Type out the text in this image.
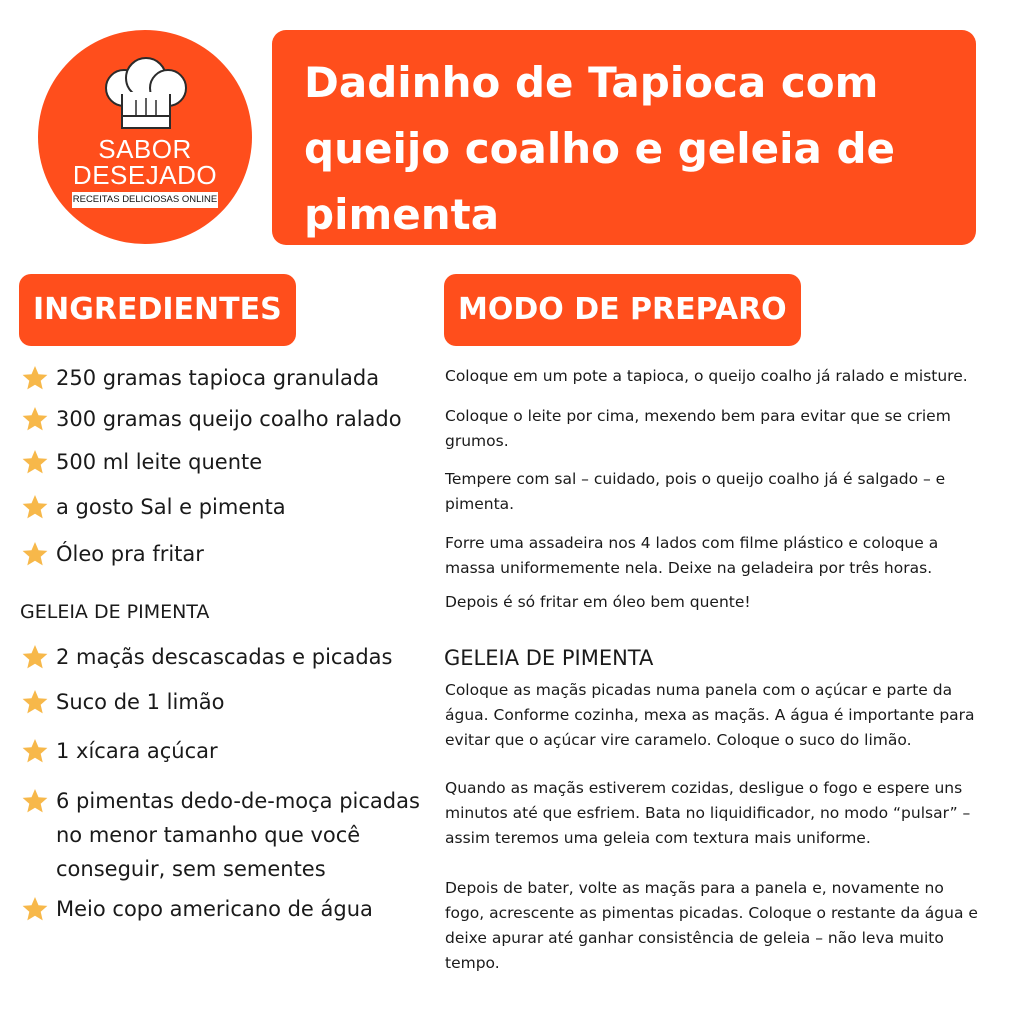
SABOR
DESEJADO
RECEITAS DELICIOSAS ONLINE
Dadinho de Tapioca com
queijo coalho e geleia de
pimenta
INGREDIENTES	MODO DE PREPARO
250 gramas tapioca granulada
300 gramas queijo coalho ralado
500 ml leite quente
a gosto Sal e pimenta
Óleo pra fritar
2 maçãs descascadas e picadas
Suco de 1 limão
1 xícara açúcar
6 pimentas dedo-de-moça picadas
no menor tamanho que você
conseguir, sem sementes
Meio copo americano de água
GELEIA DE PIMENTA
Coloque em um pote a tapioca, o queijo coalho já ralado e misture.
Coloque o leite por cima, mexendo bem para evitar que se criem
grumos.
Tempere com sal – cuidado, pois o queijo coalho já é salgado – e
pimenta.
Forre uma assadeira nos 4 lados com filme plástico e coloque a
massa uniformemente nela. Deixe na geladeira por três horas.
Depois é só fritar em óleo bem quente!
Coloque as maçãs picadas numa panela com o açúcar e parte da
água. Conforme cozinha, mexa as maçãs. A água é importante para
evitar que o açúcar vire caramelo. Coloque o suco do limão.
Quando as maçãs estiverem cozidas, desligue o fogo e espere uns
minutos até que esfriem. Bata no liquidificador, no modo “pulsar” –
assim teremos uma geleia com textura mais uniforme.
Depois de bater, volte as maçãs para a panela e, novamente no
fogo, acrescente as pimentas picadas. Coloque o restante da água e
deixe apurar até ganhar consistência de geleia – não leva muito
tempo.
GELEIA DE PIMENTA
